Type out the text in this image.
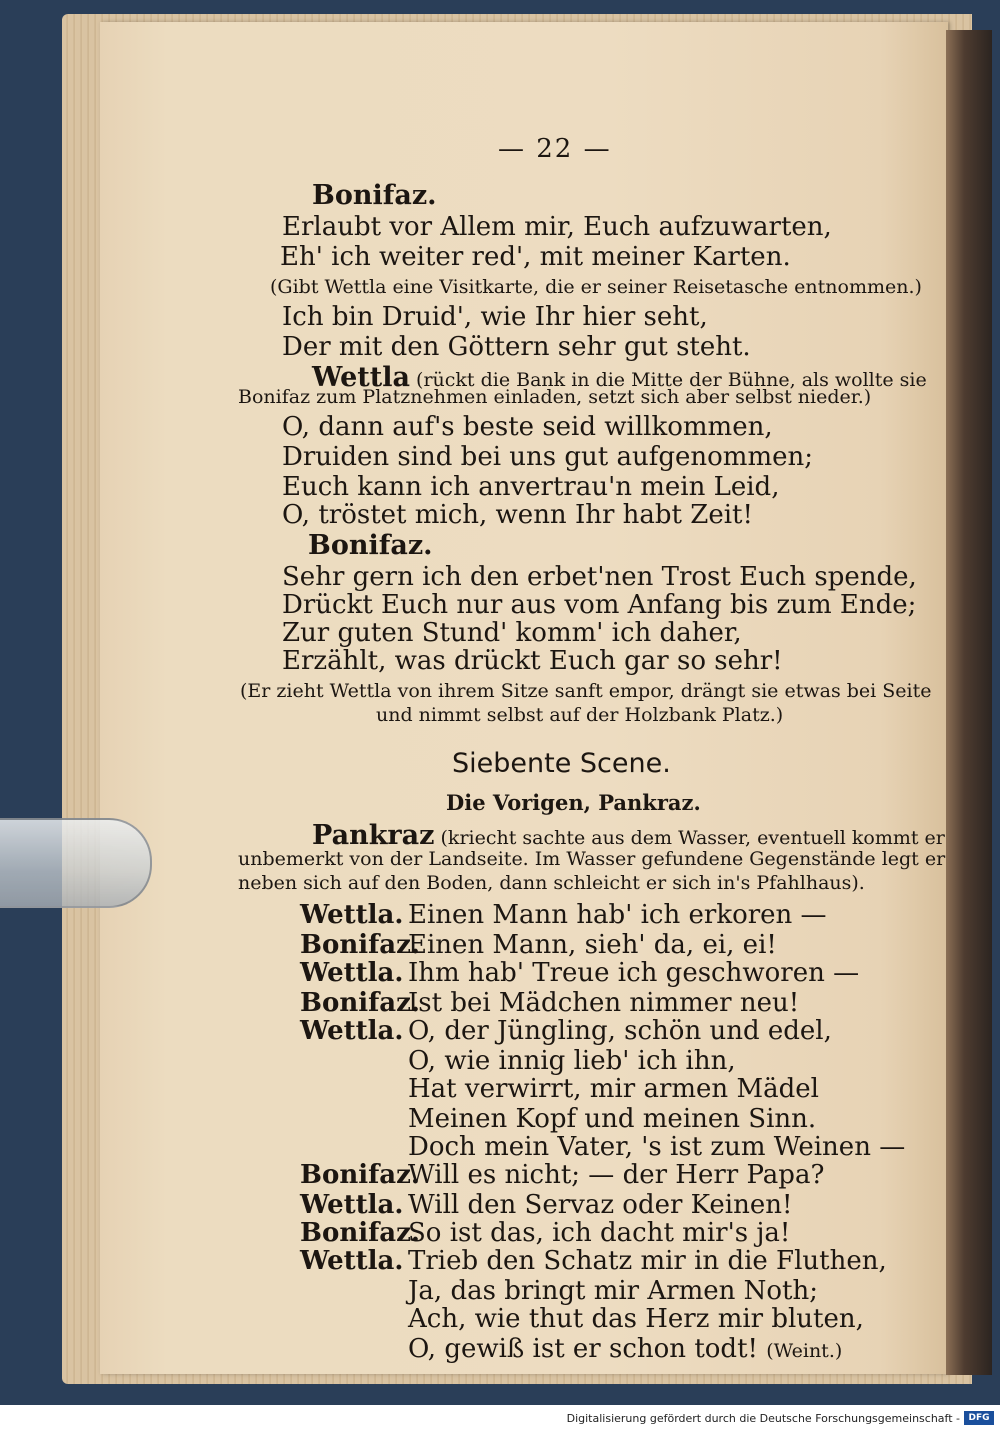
— 22 —
Bonifaz.
Erlaubt vor Allem mir, Euch aufzuwarten,
Eh' ich weiter red', mit meiner Karten.
(Gibt Wettla eine Visitkarte, die er seiner Reisetasche entnommen.)
Ich bin Druid', wie Ihr hier seht,
Der mit den Göttern sehr gut steht.
Wettla (rückt die Bank in die Mitte der Bühne, als wollte sie
Bonifaz zum Platznehmen einladen, setzt sich aber selbst nieder.)
O, dann auf's beste seid willkommen,
Druiden sind bei uns gut aufgenommen;
Euch kann ich anvertrau'n mein Leid,
O, tröstet mich, wenn Ihr habt Zeit!
Bonifaz.
Sehr gern ich den erbet'nen Trost Euch spende,
Drückt Euch nur aus vom Anfang bis zum Ende;
Zur guten Stund' komm' ich daher,
Erzählt, was drückt Euch gar so sehr!
(Er zieht Wettla von ihrem Sitze sanft empor, drängt sie etwas bei Seite
und nimmt selbst auf der Holzbank Platz.)
Siebente Scene.
Die Vorigen, Pankraz.
Pankraz (kriecht sachte aus dem Wasser, eventuell kommt er
unbemerkt von der Landseite. Im Wasser gefundene Gegenstände legt er
neben sich auf den Boden, dann schleicht er sich in's Pfahlhaus).
Wettla. Einen Mann hab' ich erkoren —
Bonifaz.Einen Mann, sieh' da, ei, ei!
Wettla. Ihm hab' Treue ich geschworen —
Bonifaz.Ist bei Mädchen nimmer neu!
Wettla. O, der Jüngling, schön und edel,
O, wie innig lieb' ich ihn,
Hat verwirrt, mir armen Mädel
Meinen Kopf und meinen Sinn.
Doch mein Vater, 's ist zum Weinen —
Bonifaz.Will es nicht; — der Herr Papa?
Wettla. Will den Servaz oder Keinen!
Bonifaz.So ist das, ich dacht mir's ja!
Wettla. Trieb den Schatz mir in die Fluthen,
Ja, das bringt mir Armen Noth;
Ach, wie thut das Herz mir bluten,
O, gewiß ist er schon todt! (Weint.)
Digitalisierung gefördert durch die Deutsche Forschungsgemeinschaft - DFG
